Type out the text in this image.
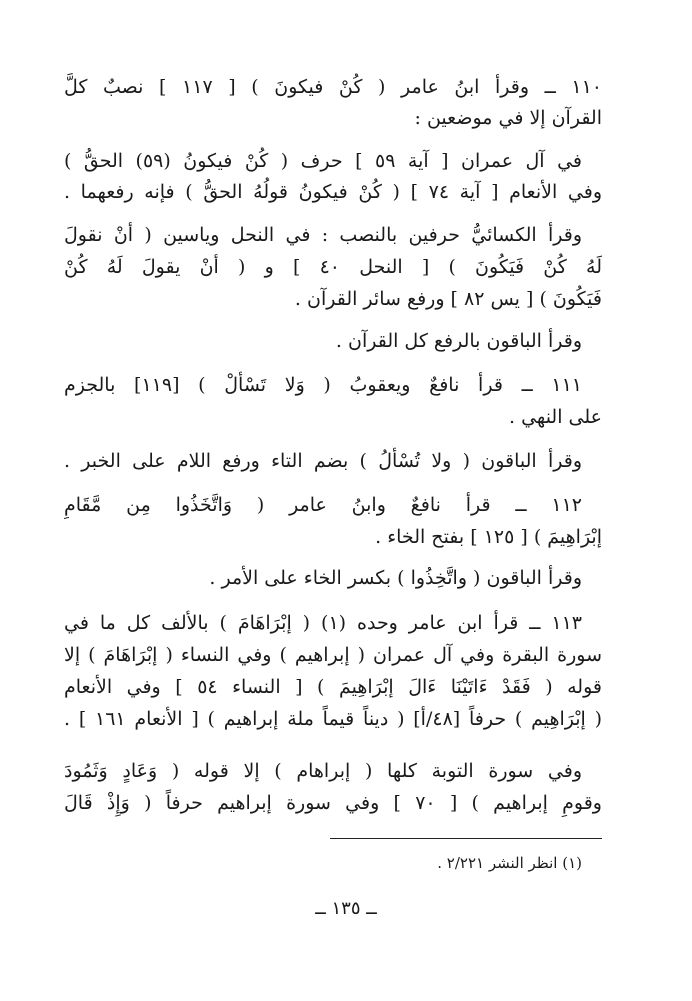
١١٠ ــ وقرأ ابنُ عامر ( كُنْ فيكونَ ) [ ١١٧ ] نصبٌ كلَّ
القرآن إلا في موضعين :
في آل عمران [ آية ٥٩ ] حرف ( كُنْ فيكونُ (٥٩) الحقُّ )
وفي الأنعام [ آية ٧٤ ] ( كُنْ فيكونُ قولُهُ الحقُّ ) فإنه رفعهما .
وقرأ الكسائيُّ حرفين بالنصب : في النحل وياسين ( أنْ نقولَ
لَهُ كُنْ فَيَكُونَ ) [ النحل ٤٠ ] و ( أنْ يقولَ لَهُ كُنْ
فَيَكُونَ ) [ يس ٨٢ ] ورفع سائر القرآن .
وقرأ الباقون بالرفع كل القرآن .
١١١ ــ قرأ نافعٌ ويعقوبُ ( وَلا تَسْأَلْ ) [١١٩] بالجزم
على النهي .
وقرأ الباقون ( ولا تُسْأَلُ ) بضم التاء ورفع اللام على الخبر .
١١٢ ــ قرأ نافعٌ وابنُ عامر ( وَاتَّخَذُوا مِن مَّقَامِ
إبْرَاهِيمَ ) [ ١٢٥ ] بفتح الخاء .
وقرأ الباقون ( واتَّخِذُوا ) بكسر الخاء على الأمر .
١١٣ ــ قرأ ابن عامر وحده (١) ( إبْرَاهَامَ ) بالألف كل ما في
سورة البقرة وفي آل عمران ( إبراهيم ) وفي النساء ( إبْرَاهَامَ ) إلا
قوله ( فَقَدْ ءَاتَيْنَا ءَالَ إبْرَاهِيمَ ) [ النساء ٥٤ ] وفي الأنعام
( إبْرَاهِيم ) حرفاً [٤٨/أ] ( ديناً قيماً ملة إبراهيم ) [ الأنعام ١٦١ ] .
وفي سورة التوبة كلها ( إبراهام ) إلا قوله ( وَعَادٍ وَثَمُودَ
وقومِ إبراهيم ) [ ٧٠ ] وفي سورة إبراهيم حرفاً ( وَإِذْ قَالَ
(١) انظر النشر ٢/٢٢١ .
ــ ١٣٥ ــ
